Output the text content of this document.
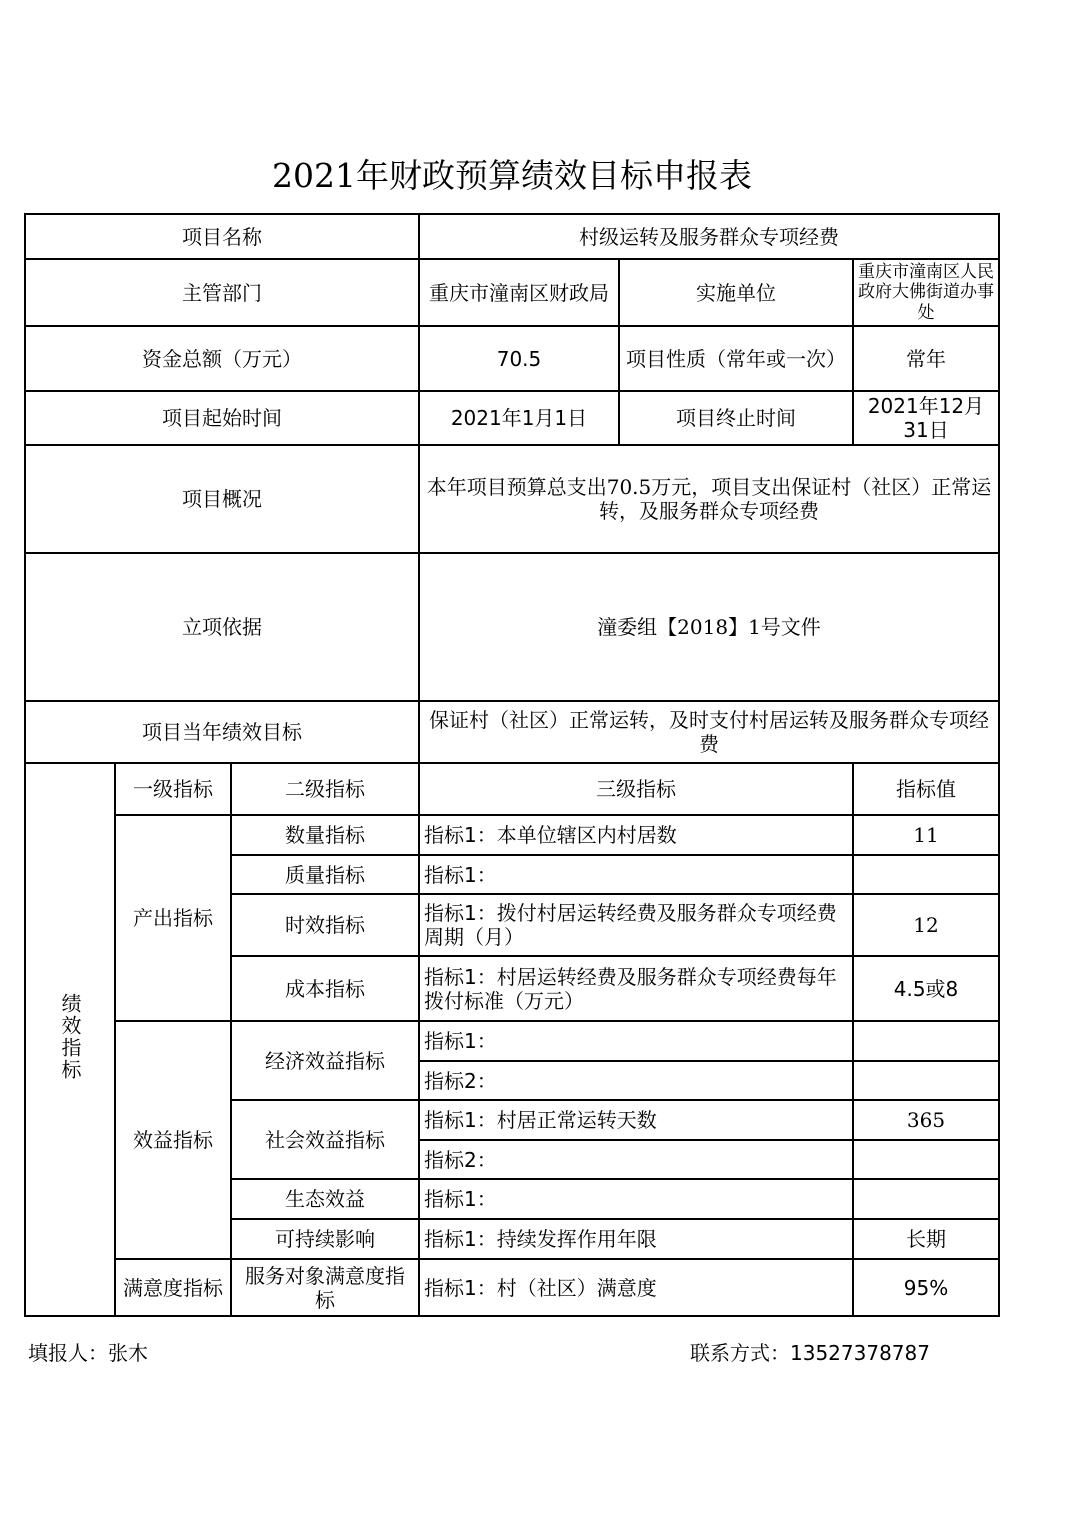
2021年财政预算绩效目标申报表
项目名称			村级运转及服务群众专项经费		
主管部门			重庆市潼南区财政局	实施单位	重庆市潼南区人民政府大佛街道办事处
资金总额（万元）			70.5	项目性质（常年或一次）	常年
项目起始时间			2021年1月1日	项目终止时间	2021年12月31日
项目概况			本年项目预算总支出70.5万元，项目支出保证村（社区）正常运转，及服务群众专项经费		
立项依据			潼委组【2018】1号文件		
项目当年绩效目标			保证村（社区）正常运转，及时支付村居运转及服务群众专项经费		
绩效指标	一级指标	二级指标	三级指标		指标值
	产出指标	数量指标	指标1：本单位辖区内村居数		11
		质量指标	指标1：		
		时效指标	指标1：拨付村居运转经费及服务群众专项经费周期（月）		12
		成本指标	指标1：村居运转经费及服务群众专项经费每年拨付标准（万元）		4.5或8
	效益指标	经济效益指标	指标1：		
			指标2：		
		社会效益指标	指标1：村居正常运转天数		365
			指标2：		
		生态效益	指标1：		
		可持续影响	指标1：持续发挥作用年限		长期
	满意度指标	服务对象满意度指标	指标1：村（社区）满意度		95%
填报人：张木	联系方式：13527378787
